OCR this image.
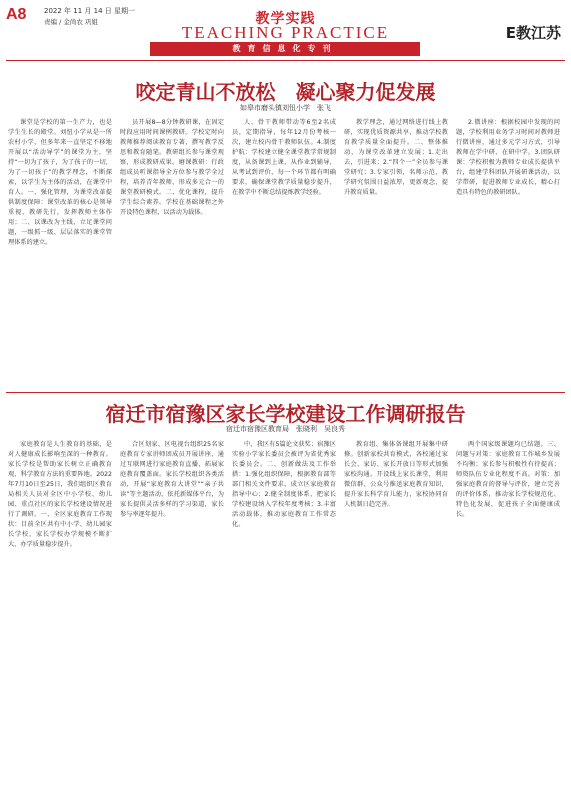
A8	2022 年 11 月 14 日 星期一
责编 / 金尚农 巩姐	教学实践
TEACHING PRACTICE
教育信息化专刊
E教江苏
咬定青山不放松　凝心聚力促发展
如皋市磨头镇刘忸小学　张飞

课堂是学校的第一生产力，也是学生生长的殿堂。刘忸小学从是一所农村小学，但多年来一直坚定不移地开展以“活动导学”的课堂为主，坚持“一切为了孩子，为了孩子的一切，为了一切孩子”的教学理念，不断探索，以学生为主体的活动，在课堂中育人。一、强化管理，为课堂改革提供制度保障：课堂改革的核心是领导重视、教研先行，发挥教师主体作用；二、以课改为主线，立足课堂问题，一级抓一级、层层落实的课堂管理体系的建立。

员开展8—8分钟教研课，在固定时段应用时间课例教研。学校定时向教师推荐阅读教育专著，撰写教学反思和教育随笔。教研组长参与课堂观察，形成教研成果。磨课教研：行政组成员听课指导全方位参与教学全过程，培养青年教师，形成多元合一的课堂教研模式。二、优化课程，提升学生综合素养。学校在基础课程之外开设特色课程，以活动为载体。

人、骨干教师带动等6至2名成员，定期指导，每年12月份考核一次，建立校内骨干教师队伍。4.制度护航：学校建立健全课堂教学常规制度，从备课到上课，从作业到辅导，从考试到评价，每一个环节都有明确要求，确保课堂教学质量稳步提升，在教学中不断总结提炼教学经验。

教学理念，通过网络进行线上教研，实现优质资源共享，推动学校教育教学质量全面提升。二、整体推动，为课堂改革建立发展；1.走出去，引进来；2.“四个一”全员参与课堂研究；3.专家引领，名师示范，教学研究氛围日益浓厚，更新观念，提升教育质量。

2.微讲座：根据校园中发现的问题，学校利用业务学习时间对教师进行微讲座，通过多元学习方式，引导教师在学中研、在研中学。3.团队研课：学校积极为教师专业成长提供平台，组建学科团队开展研课活动，以学带研，促进教师专业成长，精心打造具有特色的教研团队。

宿迁市宿豫区家长学校建设工作调研报告
宿迁市宿豫区教育局　张晓利　吴良秀

家庭教育是人生教育的基础，是对人健康成长影响至深的一种教育。家长学校是帮助家长树立正确教育观、科学教育方法的重要阵地。2022年7月10日至25日，我们组织区教育局相关人员对全区中小学校、幼儿园、重点社区的家长学校建设情况进行了调研。一、全区家庭教育工作现状：目前全区共有中小学、幼儿园家长学校，家长学校办学规模不断扩大，办学质量稳步提升。

合区划家、区电视台组织25名家庭教育专家讲师团成员开展讲座，通过互联网进行家庭教育直播，拓展家庭教育覆盖面。家长学校组织各类活动，开展“家庭教育大讲堂”“亲子共读”等主题活动，依托新媒体平台，为家长提供灵活多样的学习渠道，家长参与率逐年提升。

中，我区有5篇论文获奖；宿豫区实验小学家长委员会被评为省优秀家长委员会。二、创新做法及工作举措：1.强化组织保障，根据教育部等部门相关文件要求，成立区家庭教育指导中心；2.健全制度体系，把家长学校建设纳入学校年度考核；3.丰富活动载体，推动家庭教育工作常态化。

教育组、集体备课组开展集中研修。创新家校共育模式，各校通过家长会、家访、家长开放日等形式加强家校沟通。开设线上家长课堂，利用微信群、公众号推送家庭教育知识，提升家长科学育儿能力，家校协同育人机制日趋完善。

两个国家级课题均已结题。三、问题与对策：家庭教育工作城乡发展不均衡；家长参与积极性有待提高；师资队伍专业化程度不高。对策：加强家庭教育的督导与评价，建立完善的评价体系，推动家长学校规范化、特色化发展，促进孩子全面健康成长。
